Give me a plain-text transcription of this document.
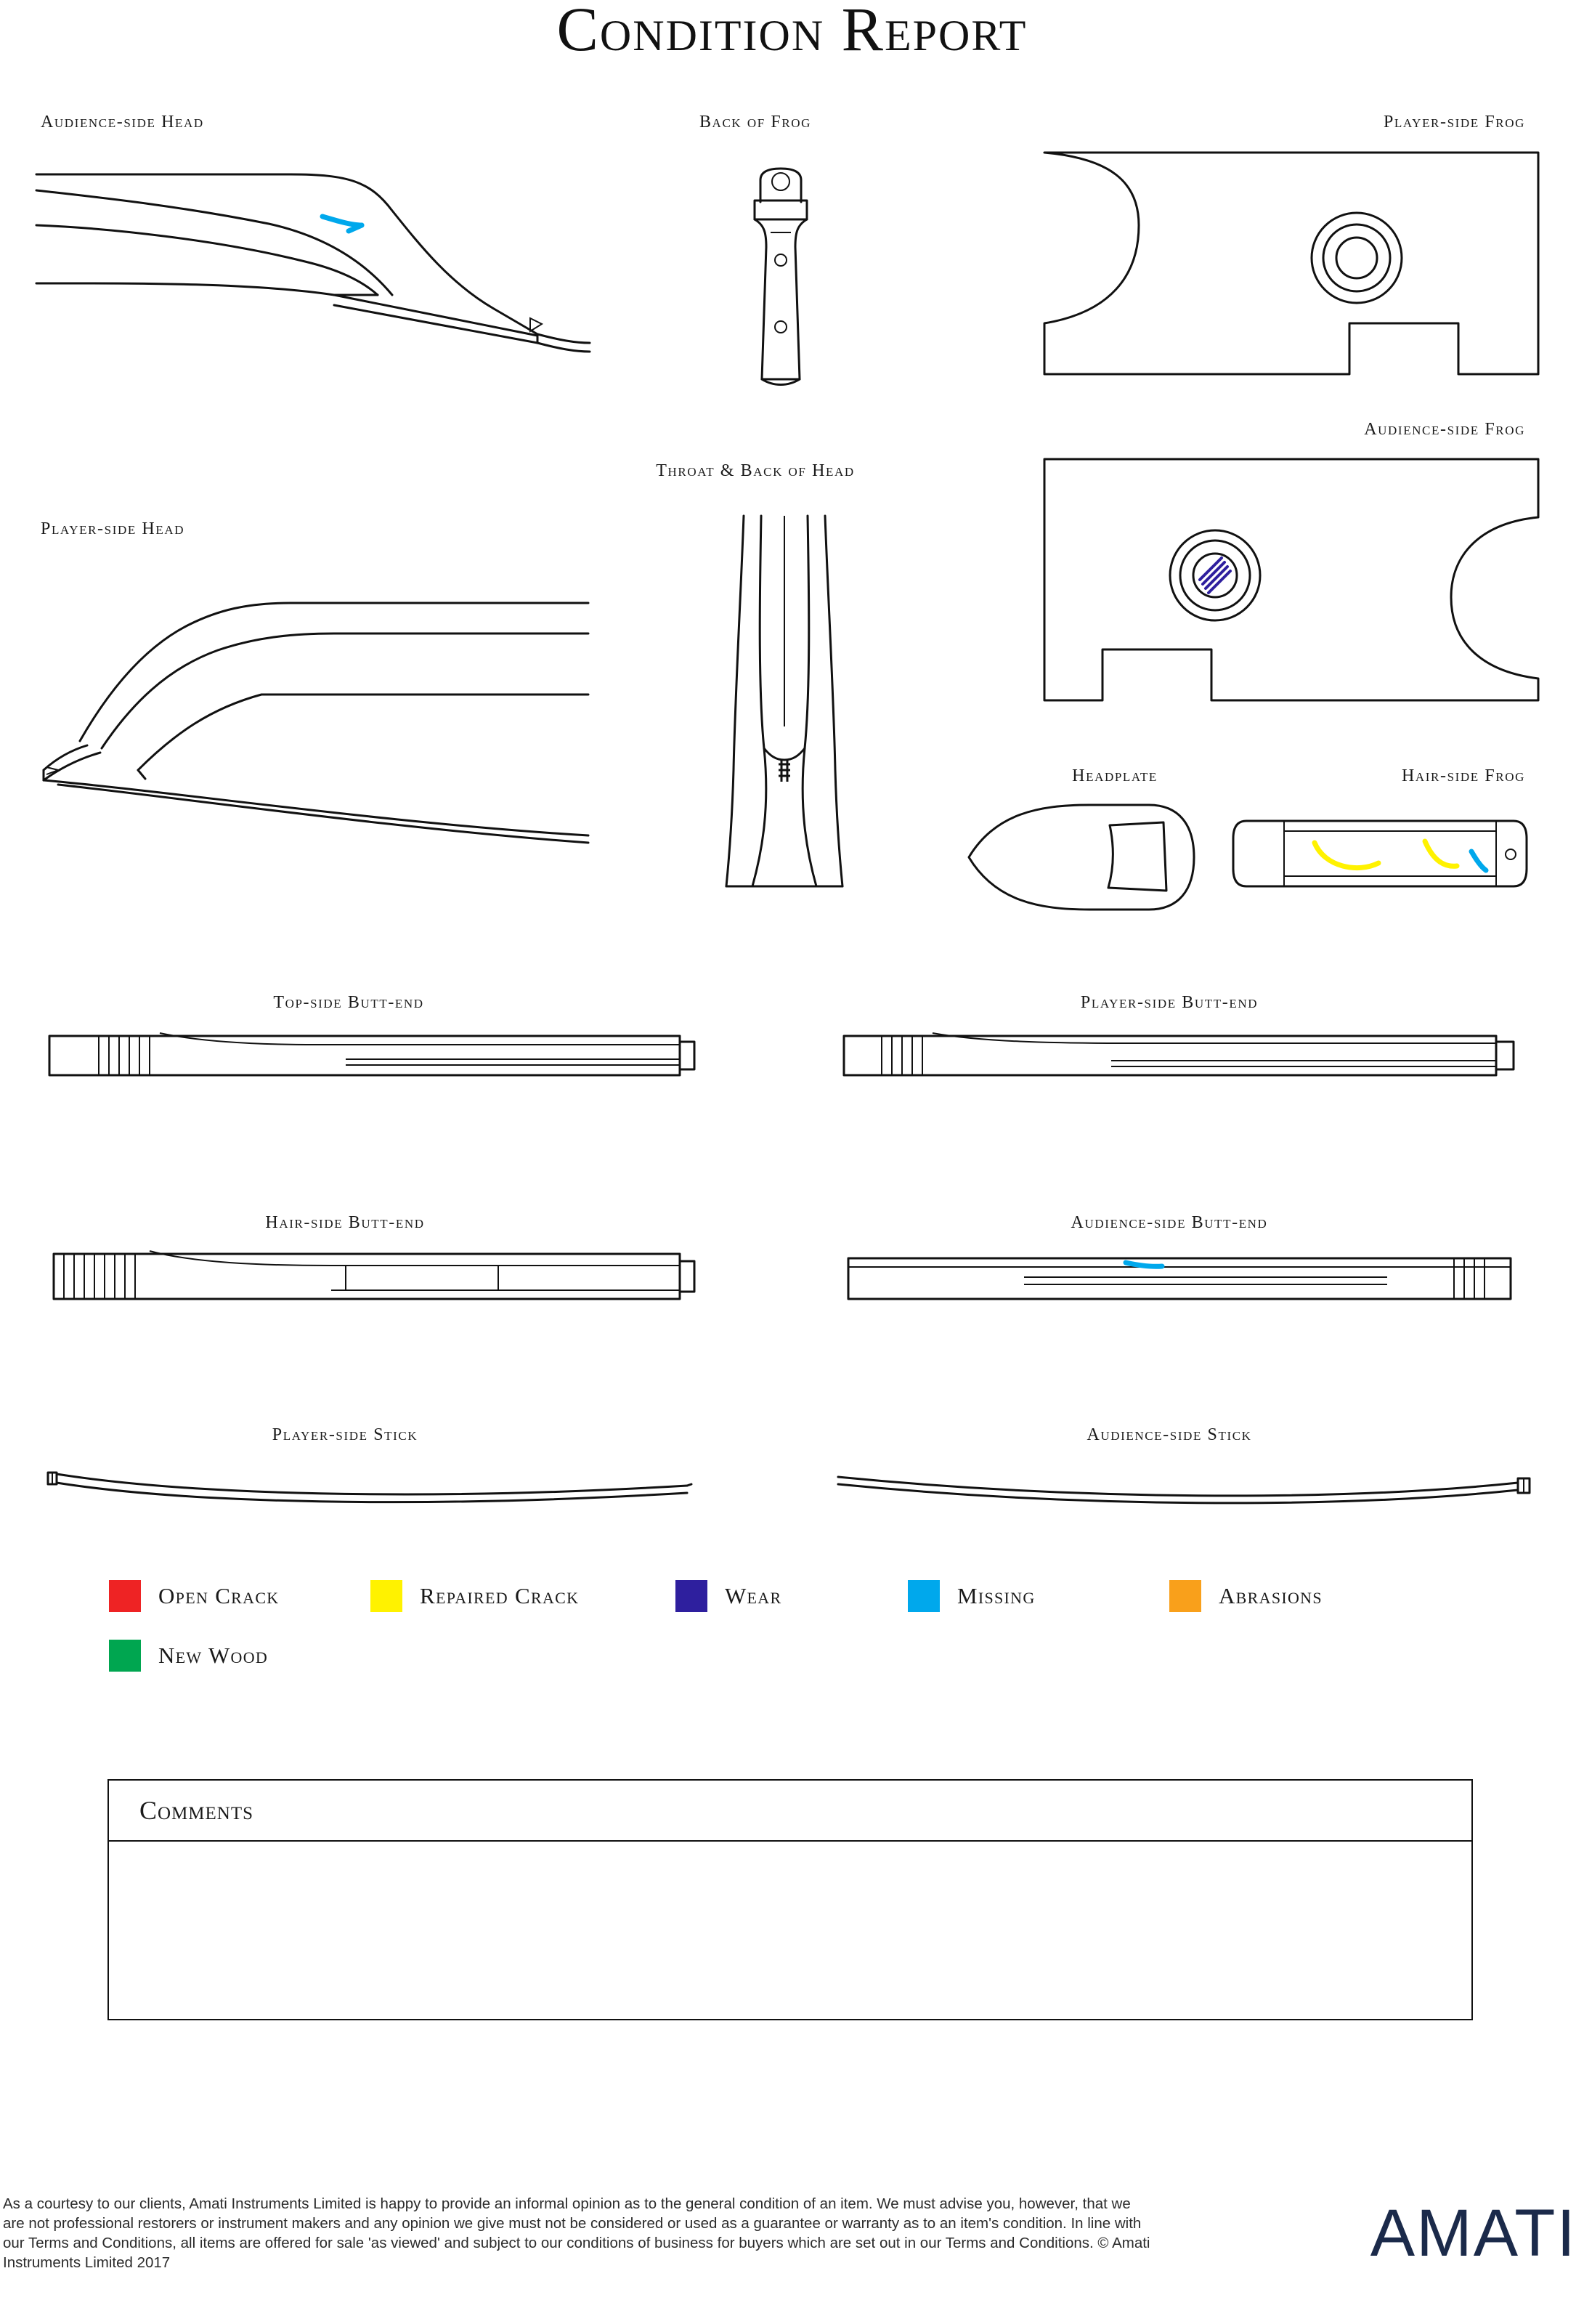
Condition Report
Audience-side Head
Player-side Head
Back of Frog
Throat & Back of Head
Player-side Frog
Audience-side Frog
Headplate	Hair-side Frog
Top-side Butt-end	Player-side Butt-end
Hair-side Butt-end	Audience-side Butt-end
Player-side Stick	Audience-side Stick
Open Crack	Repaired Crack	Wear	Missing	Abrasions
New Wood
Comments
As a courtesy to our clients, Amati Instruments Limited is happy to provide an informal opinion as to the general condition of an item. We must advise you, however, that we are not professional restorers or instrument makers and any opinion we give must not be considered or used as a guarantee or warranty as to an item's condition. In line with our Terms and Conditions, all items are offered for sale 'as viewed' and subject to our conditions of business for buyers which are set out in our Terms and Conditions. © Amati Instruments Limited 2017	AMATI
